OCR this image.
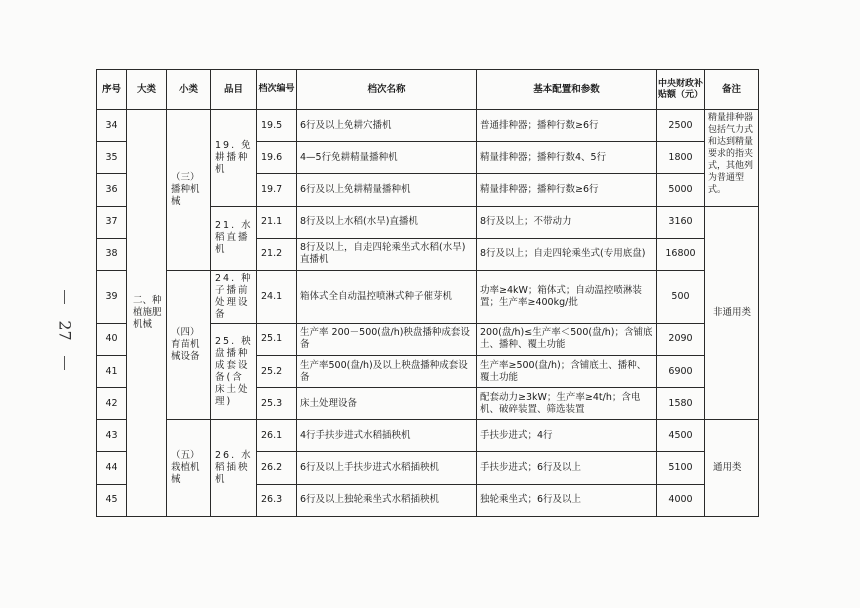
27
序号	大类	小类	品目	档次编号	档次名称	基本配置和参数	中央财政补贴额（元）	备注
34	二、种植施肥机械	（三）播种机械	19. 免耕播种机	19.5	6行及以上免耕穴播机	普通排种器；播种行数≥6行	2500	精量排种器包括气力式和达到精量要求的指夹式，其他列为普通型式。
35				19.6	4—5行免耕精量播种机	精量排种器；播种行数4、5行	1800	
36				19.7	6行及以上免耕精量播种机	精量排种器；播种行数≥6行	5000	
37			21. 水稻直播机	21.1	8行及以上水稻(水旱)直播机	8行及以上；不带动力	3160	非通用类
38				21.2	8行及以上，自走四轮乘坐式水稻(水旱)直播机	8行及以上；自走四轮乘坐式(专用底盘)	16800	
39		（四）育苗机械设备	24. 种子播前处理设备	24.1	箱体式全自动温控喷淋式种子催芽机	功率≥4kW；箱体式；自动温控喷淋装置；生产率≥400kg/批	500	
40			25. 秧盘播种成套设备(含床土处理)	25.1	生产率 200－500(盘/h)秧盘播种成套设备	200(盘/h)≤生产率＜500(盘/h)；含铺底土、播种、覆土功能	2090	
41				25.2	生产率500(盘/h)及以上秧盘播种成套设备	生产率≥500(盘/h)；含铺底土、播种、覆土功能	6900	
42				25.3	床土处理设备	配套动力≥3kW；生产率≥4t/h；含电机、破碎装置、筛选装置	1580	
43		（五）栽植机械	26. 水稻插秧机	26.1	4行手扶步进式水稻插秧机	手扶步进式；4行	4500	通用类
44				26.2	6行及以上手扶步进式水稻插秧机	手扶步进式；6行及以上	5100	
45				26.3	6行及以上独轮乘坐式水稻插秧机	独轮乘坐式；6行及以上	4000	
